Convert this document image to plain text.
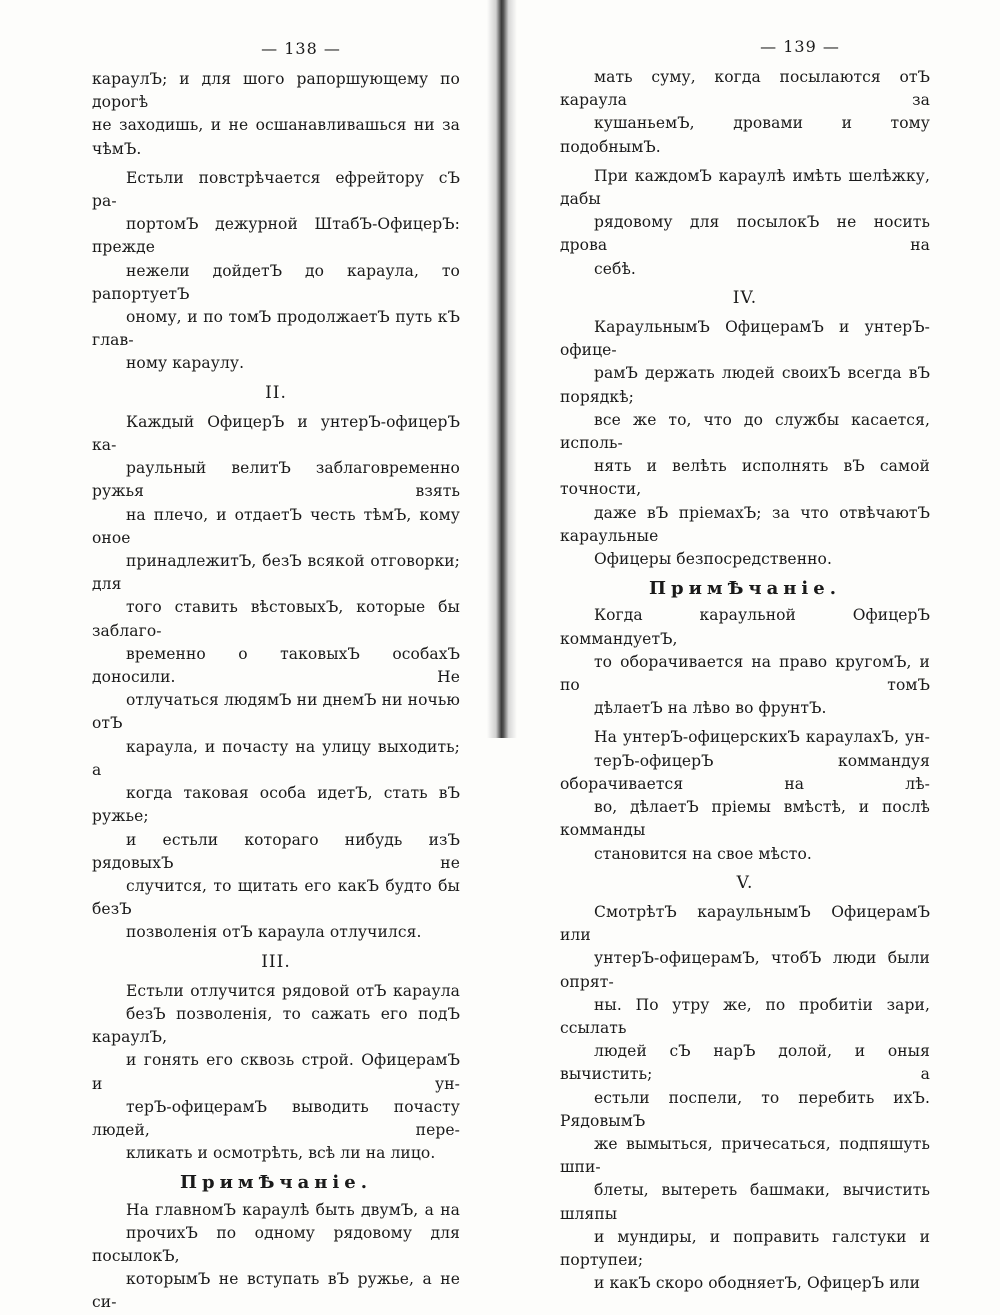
— 138 —

караулЪ; и для шого рапоршующему по дорогѣ
не заходишь, и не осшанавливашься ни за чѣмЪ.

Естьли повстрѣчается ефрейтору сЪ ра-
портомЪ дежурной ШтабЪ-ОфицерЪ: прежде
нежели дойдетЪ до караула, то рапортуетЪ
оному, и по томЪ продолжаетЪ путь кЪ глав-
ному караулу.

II.

Каждый ОфицерЪ и унтерЪ-офицерЪ ка-
раульный велитЪ заблаговременно ружья взять
на плечо, и отдаетЪ честь тѣмЪ, кому оное
принадлежитЪ, безЪ всякой отговорки; для
того ставить вѣстовыхЪ, которые бы заблаго-
временно о таковыхЪ особахЪ доносили. Не
отлучаться людямЪ ни днемЪ ни ночью отЪ
караула, и почасту на улицу выходить; а
когда таковая особа идетЪ, стать вЪ ружье;
и естьли котораго нибудь изЪ рядовыхЪ не
случится, то щитать его какЪ будто бы безЪ
позволенія отЪ караула отлучился.

III.

Естьли отлучится рядовой отЪ караула
безЪ позволенія, то сажать его подЪ караулЪ,
и гонять его сквозь строй. ОфицерамЪ и ун-
терЪ-офицерамЪ выводить почасту людей, пере-
кликать и осмотрѣть, всѣ ли на лицо.

ПримѢчаніе.

На главномЪ караулѣ быть двумЪ, а на
прочихЪ по одному рядовому для посылокЪ,
которымЪ не вступать вЪ ружье, а не си-

— 139 —

мать суму, когда посылаются отЪ караула за
кушаньемЪ, дровами и тому подобнымЪ.

При каждомЪ караулѣ имѣть шелѣжку, дабы
рядовому для посылокЪ не носить дрова на
себѣ.

IV.

КараульнымЪ ОфицерамЪ и унтерЪ-офице-
рамЪ держать людей своихЪ всегда вЪ порядкѣ;
все же то, что до службы касается, исполь-
нять и велѣть исполнять вЪ самой точности,
даже вЪ пріемахЪ; за что отвѣчаютЪ караульные
Офицеры безпосредственно.

ПримѢчаніе.

Когда караульной ОфицерЪ коммандуетЪ,
то оборачивается на право кругомЪ, и по томЪ
дѣлаетЪ на лѣво во фрунтЪ.

На унтерЪ-офицерскихЪ караулахЪ, ун-
терЪ-офицерЪ коммандуя оборачивается на лѣ-
во, дѣлаетЪ пріемы вмѣстѣ, и послѣ комманды
становится на свое мѣсто.

V.

СмотрѣтЪ караульнымЪ ОфицерамЪ или
унтерЪ-офицерамЪ, чтобЪ люди были опрят-
ны. По утру же, по пробитіи зари, ссылать
людей сЪ нарЪ долой, и оныя вычистить; а
естьли поспели, то перебить ихЪ. РядовымЪ
же вымыться, причесаться, подпяшуть шпи-
блеты, вытереть башмаки, вычистить шляпы
и мундиры, и поправить галстуки и портупеи;
и какЪ скоро ободняетЪ, ОфицерЪ или
